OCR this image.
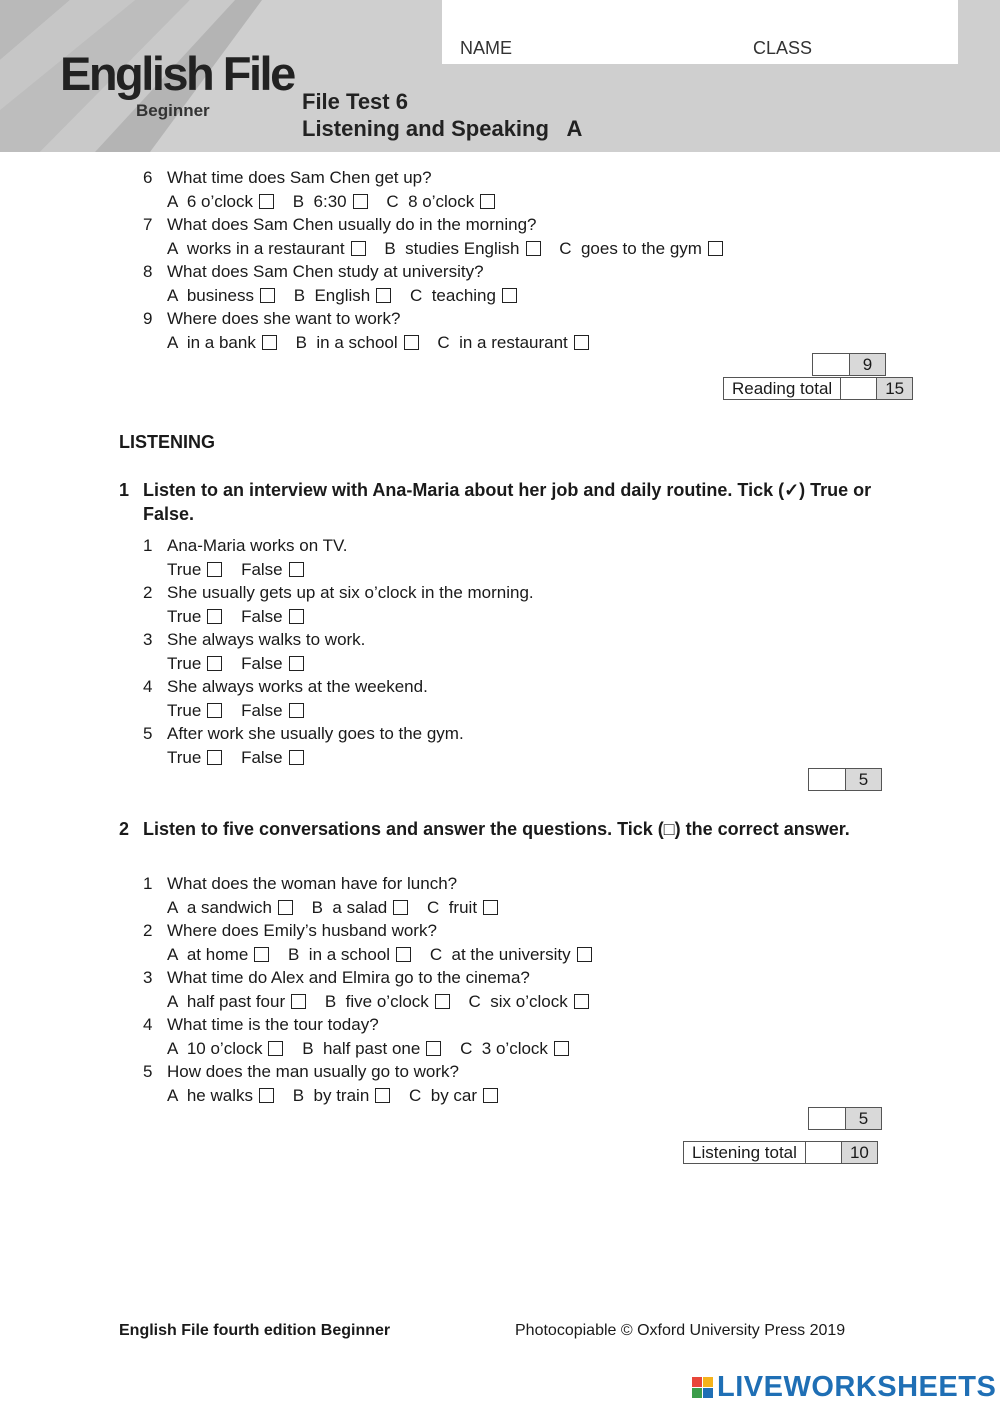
English File
Beginner
NAME	CLASS
File Test 6
Listening and Speaking   A
6 What time does Sam Chen get up?
A  6 o’clock B  6:30 C  8 o’clock
7 What does Sam Chen usually do in the morning?
A  works in a restaurant B  studies English C  goes to the gym
8 What does Sam Chen study at university?
A  business B  English C  teaching
9 Where does she want to work?
A  in a bank B  in a school C  in a restaurant
9
Reading total	15
LISTENING
1 Listen to an interview with Ana-Maria about her job and daily routine. Tick (✓) True or False.
1 Ana-Maria works on TV.
True False
2 She usually gets up at six o’clock in the morning.
True False
3 She always walks to work.
True False
4 She always works at the weekend.
True False
5 After work she usually goes to the gym.
True False
5
2 Listen to five conversations and answer the questions. Tick (□) the correct answer.
1 What does the woman have for lunch?
A  a sandwich B  a salad C  fruit
2 Where does Emily’s husband work?
A  at home B  in a school C  at the university
3 What time do Alex and Elmira go to the cinema?
A  half past four B  five o’clock C  six o’clock
4 What time is the tour today?
A  10 o’clock B  half past one C  3 o’clock
5 How does the man usually go to work?
A  he walks B  by train C  by car
5
Listening total	10
English File fourth edition Beginner	Photocopiable © Oxford University Press 2019
LIVEWORKSHEETS
